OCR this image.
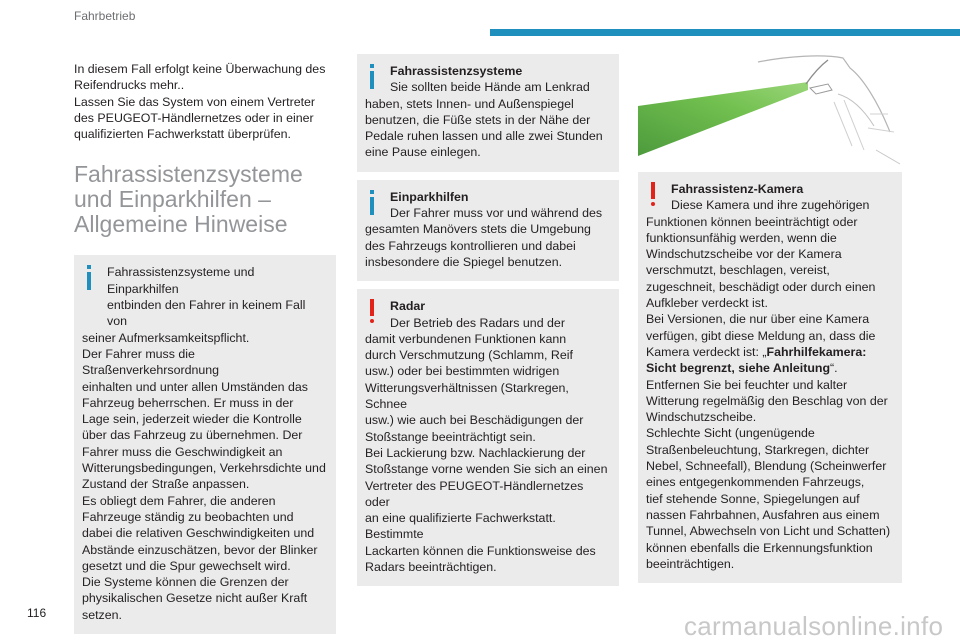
Fahrbetrieb

In diesem Fall erfolgt keine Überwachung des

Reifendrucks mehr..

Lassen Sie das System von einem Vertreter

des PEUGEOT-Händlernetzes oder in einer

qualifizierten Fachwerkstatt überprüfen.

Fahrassistenzsysteme

und Einparkhilfen –

Allgemeine Hinweise

Fahrassistenzsysteme und Einparkhilfen

entbinden den Fahrer in keinem Fall von

seiner Aufmerksamkeitspflicht.

Der Fahrer muss die Straßenverkehrsordnung

einhalten und unter allen Umständen das

Fahrzeug beherrschen. Er muss in der

Lage sein, jederzeit wieder die Kontrolle

über das Fahrzeug zu übernehmen. Der

Fahrer muss die Geschwindigkeit an

Witterungsbedingungen, Verkehrsdichte und

Zustand der Straße anpassen.

Es obliegt dem Fahrer, die anderen

Fahrzeuge ständig zu beobachten und

dabei die relativen Geschwindigkeiten und

Abstände einzuschätzen, bevor der Blinker

gesetzt und die Spur gewechselt wird.

Die Systeme können die Grenzen der

physikalischen Gesetze nicht außer Kraft

setzen.

Fahrassistenzsysteme

Sie sollten beide Hände am Lenkrad

haben, stets Innen- und Außenspiegel

benutzen, die Füße stets in der Nähe der

Pedale ruhen lassen und alle zwei Stunden

eine Pause einlegen.

Einparkhilfen

Der Fahrer muss vor und während des

gesamten Manövers stets die Umgebung

des Fahrzeugs kontrollieren und dabei

insbesondere die Spiegel benutzen.

Radar

Der Betrieb des Radars und der

damit verbundenen Funktionen kann

durch Verschmutzung (Schlamm, Reif

usw.) oder bei bestimmten widrigen

Witterungsverhältnissen (Starkregen, Schnee

usw.) wie auch bei Beschädigungen der

Stoßstange beeinträchtigt sein.

Bei Lackierung bzw. Nachlackierung der

Stoßstange vorne wenden Sie sich an einen

Vertreter des PEUGEOT-Händlernetzes oder

an eine qualifizierte Fachwerkstatt. Bestimmte

Lackarten können die Funktionsweise des

Radars beeinträchtigen.

Fahrassistenz-Kamera

Diese Kamera und ihre zugehörigen

Funktionen können beeinträchtigt oder

funktionsunfähig werden, wenn die

Windschutzscheibe vor der Kamera

verschmutzt, beschlagen, vereist,

zugeschneit, beschädigt oder durch einen

Aufkleber verdeckt ist.

Bei Versionen, die nur über eine Kamera

verfügen, gibt diese Meldung an, dass die

Kamera verdeckt ist: „Fahrhilfekamera:

Sicht begrenzt, siehe Anleitung“.

Entfernen Sie bei feuchter und kalter

Witterung regelmäßig den Beschlag von der

Windschutzscheibe.

Schlechte Sicht (ungenügende

Straßenbeleuchtung, Starkregen, dichter

Nebel, Schneefall), Blendung (Scheinwerfer

eines entgegenkommenden Fahrzeugs,

tief stehende Sonne, Spiegelungen auf

nassen Fahrbahnen, Ausfahren aus einem

Tunnel, Abwechseln von Licht und Schatten)

können ebenfalls die Erkennungsfunktion

beeinträchtigen.

116	carmanualsonline.info
